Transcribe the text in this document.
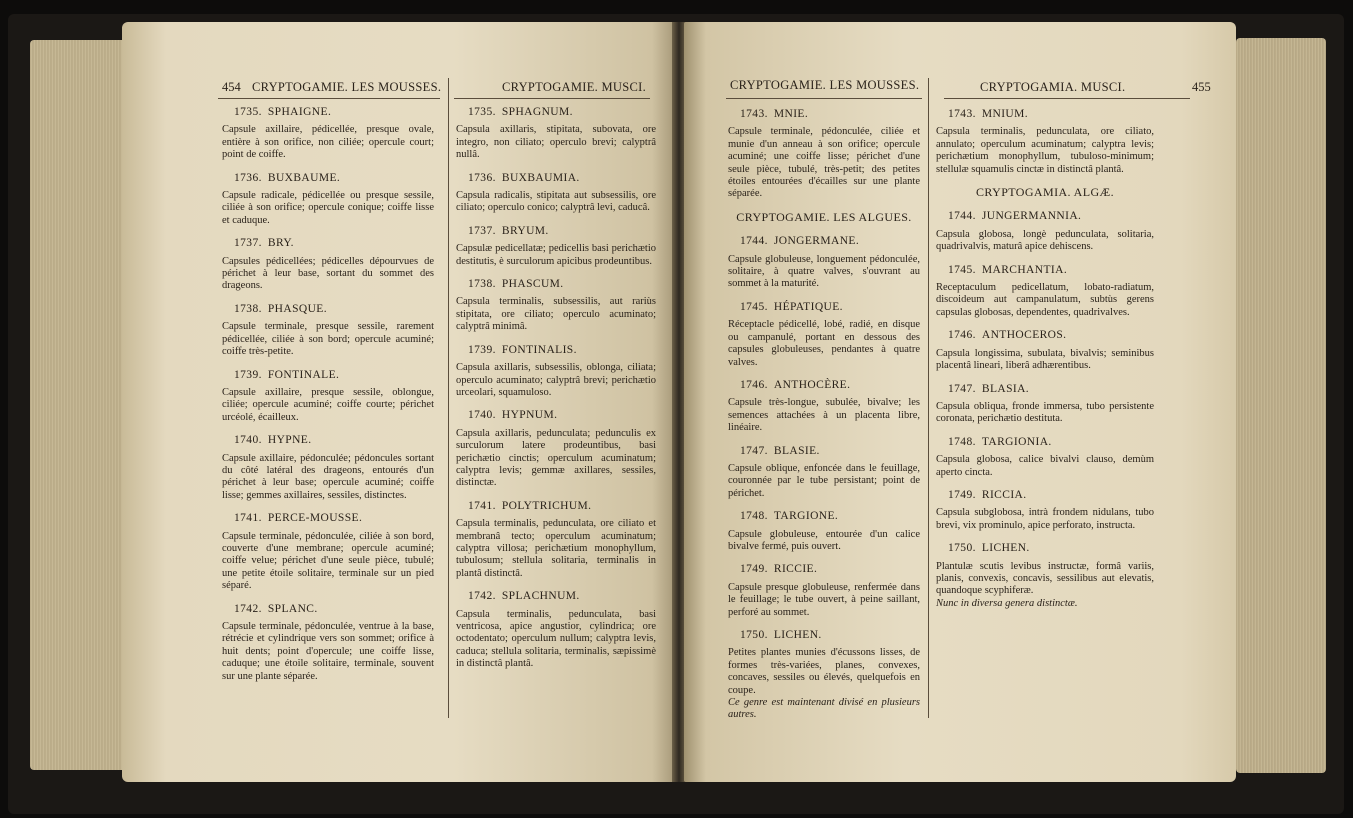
454 CRYPTOGAMIE. LES MOUSSES.	CRYPTOGAMIE. MUSCI.
1735. SPHAIGNE.
Capsule axillaire, pédicellée, presque ovale, entière à son orifice, non ciliée; opercule court; point de coiffe.
1736. BUXBAUME.
Capsule radicale, pédicellée ou presque sessile, ciliée à son orifice; opercule conique; coiffe lisse et caduque.
1737. BRY.
Capsules pédicellées; pédicelles dépourvues de périchet à leur base, sortant du sommet des drageons.
1738. PHASQUE.
Capsule terminale, presque sessile, rarement pédicellée, ciliée à son bord; opercule acuminé; coiffe très-petite.
1739. FONTINALE.
Capsule axillaire, presque sessile, oblongue, ciliée; opercule acuminé; coiffe courte; périchet urcéolé, écailleux.
1740. HYPNE.
Capsule axillaire, pédonculée; pédoncules sortant du côté latéral des drageons, entourés d'un périchet à leur base; opercule acuminé; coiffe lisse; gemmes axillaires, sessiles, distinctes.
1741. PERCE-MOUSSE.
Capsule terminale, pédonculée, ciliée à son bord, couverte d'une membrane; opercule acuminé; coiffe velue; périchet d'une seule pièce, tubulé; une petite étoile solitaire, terminale sur un pied séparé.
1742. SPLANC.
Capsule terminale, pédonculée, ventrue à la base, rétrécie et cylindrique vers son sommet; orifice à huit dents; point d'opercule; une coiffe lisse, caduque; une étoile solitaire, terminale, souvent sur une plante séparée.
1735. SPHAGNUM.
Capsula axillaris, stipitata, subovata, ore integro, non ciliato; operculo brevi; calyptrâ nullâ.
1736. BUXBAUMIA.
Capsula radicalis, stipitata aut subsessilis, ore ciliato; operculo conico; calyptrâ levi, caducâ.
1737. BRYUM.
Capsulæ pedicellatæ; pedicellis basi perichætio destitutis, è surculorum apicibus prodeuntibus.
1738. PHASCUM.
Capsula terminalis, subsessilis, aut rariùs stipitata, ore ciliato; operculo acuminato; calyptrâ minimâ.
1739. FONTINALIS.
Capsula axillaris, subsessilis, oblonga, ciliata; operculo acuminato; calyptrâ brevi; perichætio urceolari, squamuloso.
1740. HYPNUM.
Capsula axillaris, pedunculata; pedunculis ex surculorum latere prodeuntibus, basi perichætio cinctis; operculum acuminatum; calyptra levis; gemmæ axillares, sessiles, distinctæ.
1741. POLYTRICHUM.
Capsula terminalis, pedunculata, ore ciliato et membranâ tecto; operculum acuminatum; calyptra villosa; perichætium monophyllum, tubulosum; stellula solitaria, terminalis in plantâ distinctâ.
1742. SPLACHNUM.
Capsula terminalis, pedunculata, basi ventricosa, apice angustior, cylindrica; ore octodentato; operculum nullum; calyptra levis, caduca; stellula solitaria, terminalis, sæpissimè in distinctâ plantâ.
CRYPTOGAMIE. LES MOUSSES.	CRYPTOGAMIA. MUSCI.	455
1743. MNIE.
Capsule terminale, pédonculée, ciliée et munie d'un anneau à son orifice; opercule acuminé; une coiffe lisse; périchet d'une seule pièce, tubulé, très-petit; des petites étoiles entourées d'écailles sur une plante séparée.
CRYPTOGAMIE. LES ALGUES.
1744. JONGERMANE.
Capsule globuleuse, longuement pédonculée, solitaire, à quatre valves, s'ouvrant au sommet à la maturité.
1745. HÉPATIQUE.
Réceptacle pédicellé, lobé, radié, en disque ou campanulé, portant en dessous des capsules globuleuses, pendantes à quatre valves.
1746. ANTHOCÈRE.
Capsule très-longue, subulée, bivalve; les semences attachées à un placenta libre, linéaire.
1747. BLASIE.
Capsule oblique, enfoncée dans le feuillage, couronnée par le tube persistant; point de périchet.
1748. TARGIONE.
Capsule globuleuse, entourée d'un calice bivalve fermé, puis ouvert.
1749. RICCIE.
Capsule presque globuleuse, renfermée dans le feuillage; le tube ouvert, à peine saillant, perforé au sommet.
1750. LICHEN.
Petites plantes munies d'écussons lisses, de formes très-variées, planes, convexes, concaves, sessiles ou élevés, quelquefois en coupe.
Ce genre est maintenant divisé en plusieurs autres.
1743. MNIUM.
Capsula terminalis, pedunculata, ore ciliato, annulato; operculum acuminatum; calyptra levis; perichætium monophyllum, tubuloso-minimum; stellulæ squamulis cinctæ in distinctâ plantâ.
CRYPTOGAMIA. ALGÆ.
1744. JUNGERMANNIA.
Capsula globosa, longè pedunculata, solitaria, quadrivalvis, maturâ apice dehiscens.
1745. MARCHANTIA.
Receptaculum pedicellatum, lobato-radiatum, discoideum aut campanulatum, subtùs gerens capsulas globosas, dependentes, quadrivalves.
1746. ANTHOCEROS.
Capsula longissima, subulata, bivalvis; seminibus placentâ lineari, liberâ adhærentibus.
1747. BLASIA.
Capsula obliqua, fronde immersa, tubo persistente coronata, perichætio destituta.
1748. TARGIONIA.
Capsula globosa, calice bivalvi clauso, demùm aperto cincta.
1749. RICCIA.
Capsula subglobosa, intrà frondem nidulans, tubo brevi, vix prominulo, apice perforato, instructa.
1750. LICHEN.
Plantulæ scutis levibus instructæ, formâ variis, planis, convexis, concavis, sessilibus aut elevatis, quandoque scyphiferæ.
Nunc in diversa genera distinctæ.
